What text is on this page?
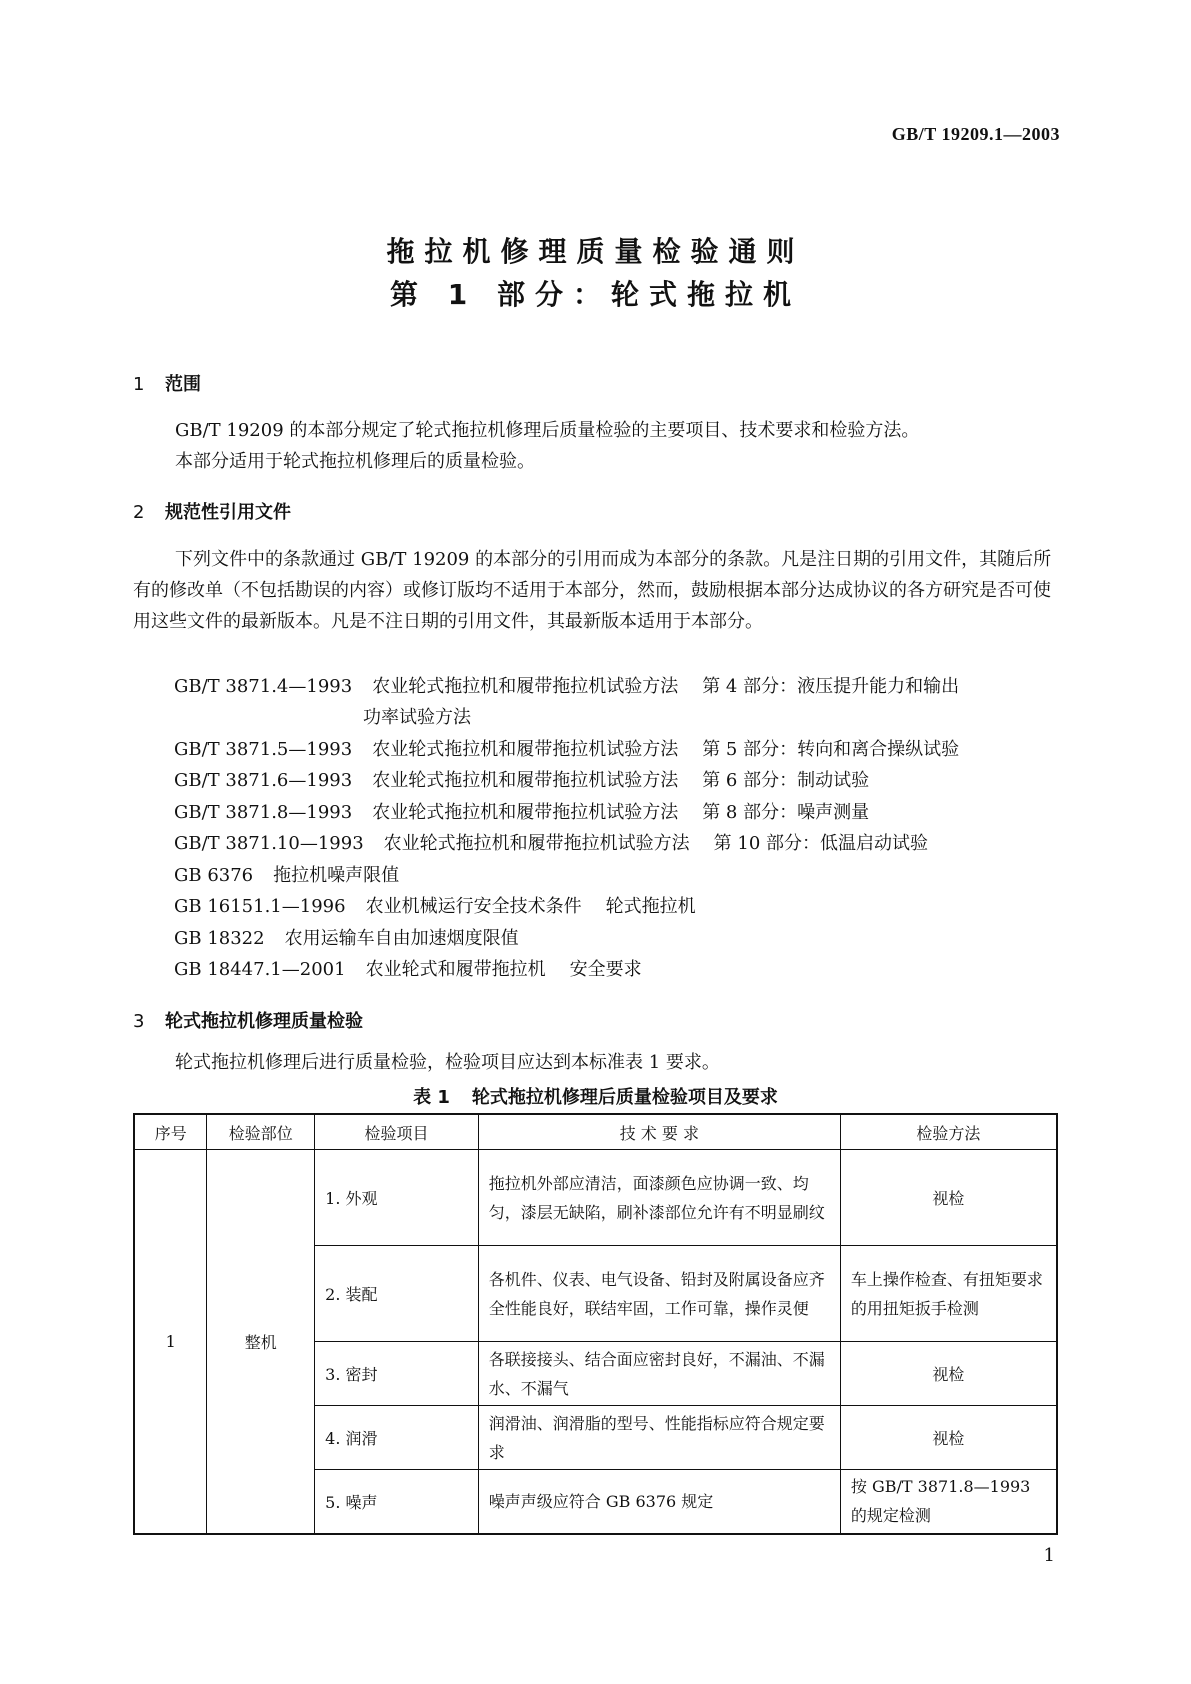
GB/T 19209.1—2003
拖拉机修理质量检验通则
第 1 部分：轮式拖拉机
1 范围
GB/T 19209 的本部分规定了轮式拖拉机修理后质量检验的主要项目、技术要求和检验方法。
本部分适用于轮式拖拉机修理后的质量检验。
2 规范性引用文件
下列文件中的条款通过 GB/T 19209 的本部分的引用而成为本部分的条款。凡是注日期的引用文件，其随后所有的修改单（不包括勘误的内容）或修订版均不适用于本部分，然而，鼓励根据本部分达成协议的各方研究是否可使用这些文件的最新版本。凡是不注日期的引用文件，其最新版本适用于本部分。
GB/T 3871.4—1993 农业轮式拖拉机和履带拖拉机试验方法 第 4 部分：液压提升能力和输出
功率试验方法
GB/T 3871.5—1993 农业轮式拖拉机和履带拖拉机试验方法 第 5 部分：转向和离合操纵试验
GB/T 3871.6—1993 农业轮式拖拉机和履带拖拉机试验方法 第 6 部分：制动试验
GB/T 3871.8—1993 农业轮式拖拉机和履带拖拉机试验方法 第 8 部分：噪声测量
GB/T 3871.10—1993 农业轮式拖拉机和履带拖拉机试验方法 第 10 部分：低温启动试验
GB 6376 拖拉机噪声限值
GB 16151.1—1996 农业机械运行安全技术条件 轮式拖拉机
GB 18322 农用运输车自由加速烟度限值
GB 18447.1—2001 农业轮式和履带拖拉机 安全要求
3 轮式拖拉机修理质量检验
轮式拖拉机修理后进行质量检验，检验项目应达到本标准表 1 要求。
表 1 轮式拖拉机修理后质量检验项目及要求
序号	检验部位	检验项目	技 术 要 求	检验方法
1	整机	1. 外观	拖拉机外部应清洁，面漆颜色应协调一致、均匀，漆层无缺陷，刷补漆部位允许有不明显刷纹	视检
		2. 装配	各机件、仪表、电气设备、铅封及附属设备应齐全性能良好，联结牢固，工作可靠，操作灵便	车上操作检查、有扭矩要求的用扭矩扳手检测
		3. 密封	各联接接头、结合面应密封良好，不漏油、不漏水、不漏气	视检
		4. 润滑	润滑油、润滑脂的型号、性能指标应符合规定要求	视检
		5. 噪声	噪声声级应符合 GB 6376 规定	按 GB/T 3871.8—1993 的规定检测
1
